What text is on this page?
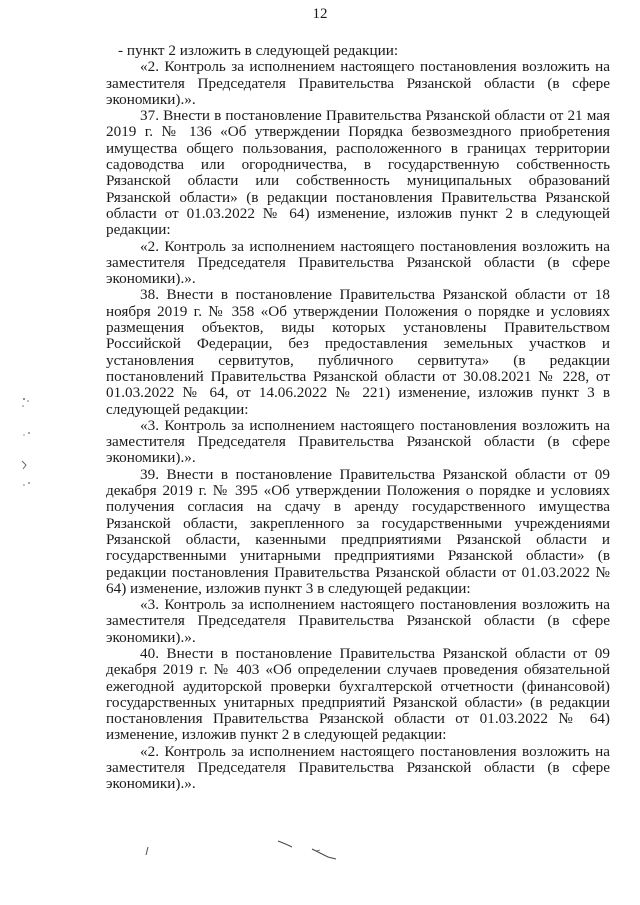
12

- пункт 2 изложить в следующей редакции:

«2. Контроль за исполнением настоящего постановления возложить на заместителя Председателя Правительства Рязанской области (в сфере экономики).».

37. Внести в постановление Правительства Рязанской области от 21 мая 2019 г. № 136 «Об утверждении Порядка безвозмездного приобретения имущества общего пользования, расположенного в границах территории садоводства или огородничества, в государственную собственность Рязанской области или собственность муниципальных образований Рязанской области» (в редакции постановления Правительства Рязанской области от 01.03.2022 № 64) изменение, изложив пункт 2 в следующей редакции:

«2. Контроль за исполнением настоящего постановления возложить на заместителя Председателя Правительства Рязанской области (в сфере экономики).».

38. Внести в постановление Правительства Рязанской области от 18 ноября 2019 г. № 358 «Об утверждении Положения о порядке и условиях размещения объектов, виды которых установлены Правительством Российской Федерации, без предоставления земельных участков и установления сервитутов, публичного сервитута» (в редакции постановлений Правительства Рязанской области от 30.08.2021 № 228, от 01.03.2022 № 64, от 14.06.2022 № 221) изменение, изложив пункт 3 в следующей редакции:

«3. Контроль за исполнением настоящего постановления возложить на заместителя Председателя Правительства Рязанской области (в сфере экономики).».

39. Внести в постановление Правительства Рязанской области от 09 декабря 2019 г. № 395 «Об утверждении Положения о порядке и условиях получения согласия на сдачу в аренду государственного имущества Рязанской области, закрепленного за государственными учреждениями Рязанской области, казенными предприятиями Рязанской области и государственными унитарными предприятиями Рязанской области» (в редакции постановления Правительства Рязанской области от 01.03.2022 № 64) изменение, изложив пункт 3 в следующей редакции:

«3. Контроль за исполнением настоящего постановления возложить на заместителя Председателя Правительства Рязанской области (в сфере экономики).».

40. Внести в постановление Правительства Рязанской области от 09 декабря 2019 г. № 403 «Об определении случаев проведения обязательной ежегодной аудиторской проверки бухгалтерской отчетности (финансовой) государственных унитарных предприятий Рязанской области» (в редакции постановления Правительства Рязанской области от 01.03.2022 № 64) изменение, изложив пункт 2 в следующей редакции:

«2. Контроль за исполнением настоящего постановления возложить на заместителя Председателя Правительства Рязанской области (в сфере экономики).».
